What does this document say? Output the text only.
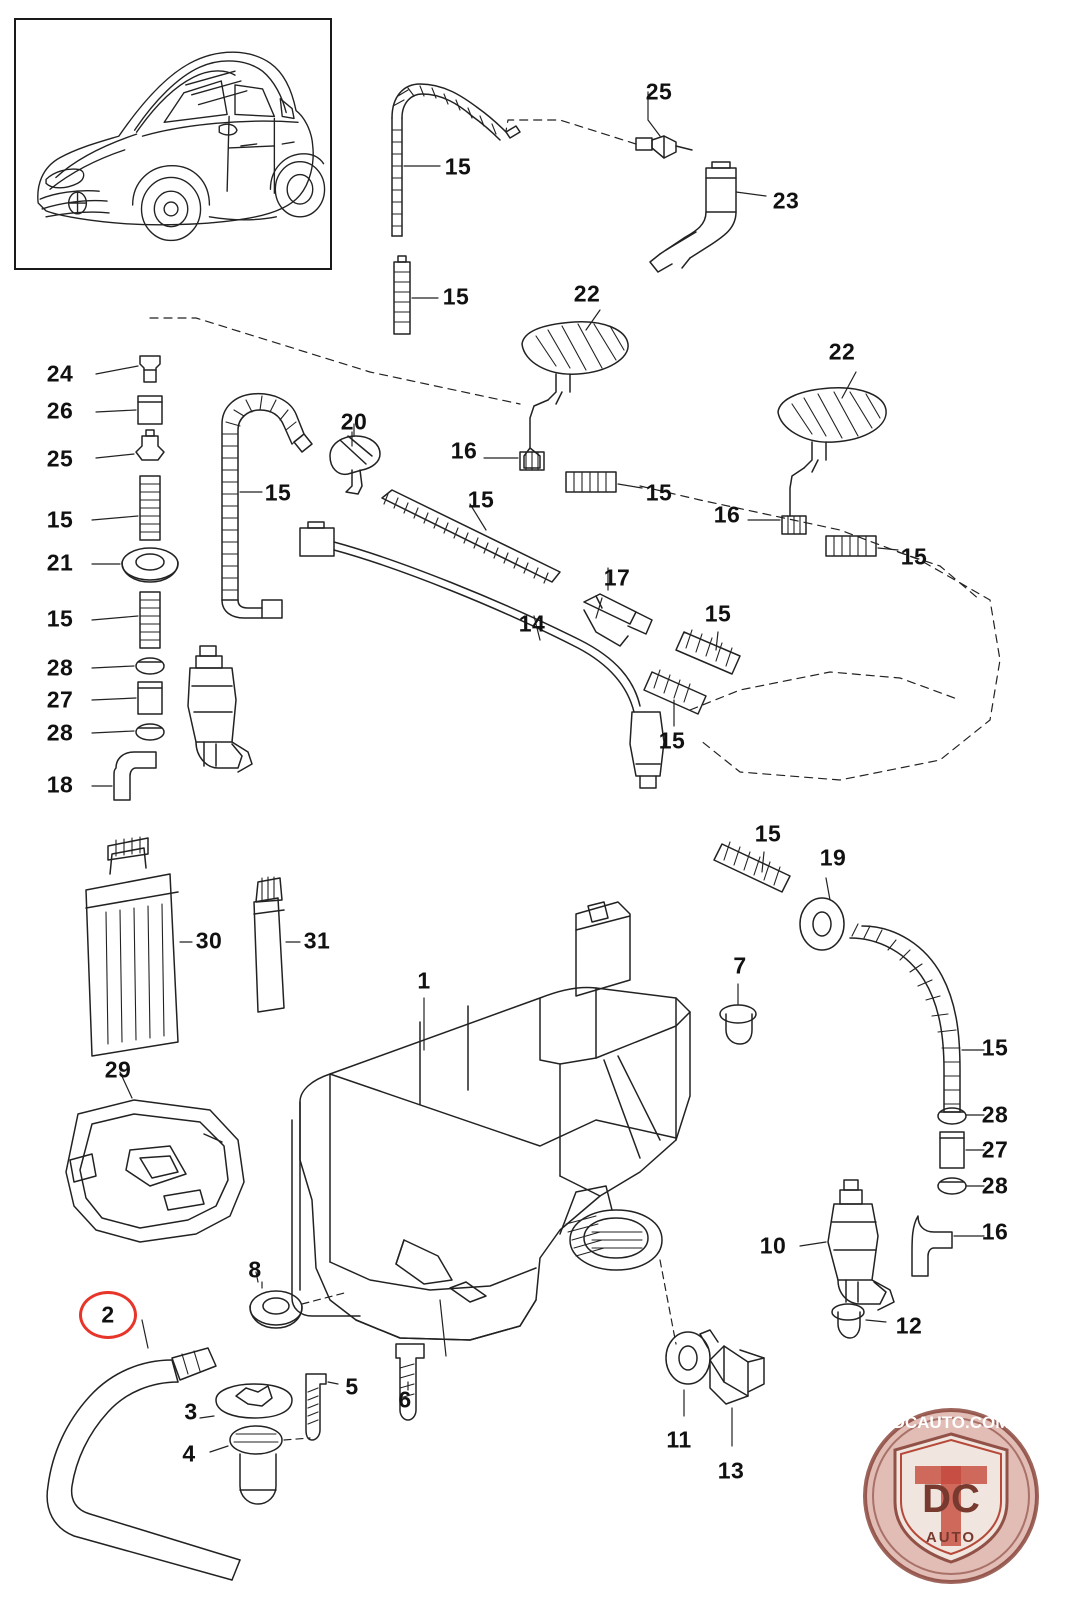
25
15
23
15	22
22
24
26	20
25	16
15	15	15
16
15
15
21
17
15	14	15
28
27
28	15
18
15
19
30	31
1
7
15
29
28
27
28
10
16
8
2	12
5
3	6
11
4
13
DCAUTO.COM
DC
AUTO
